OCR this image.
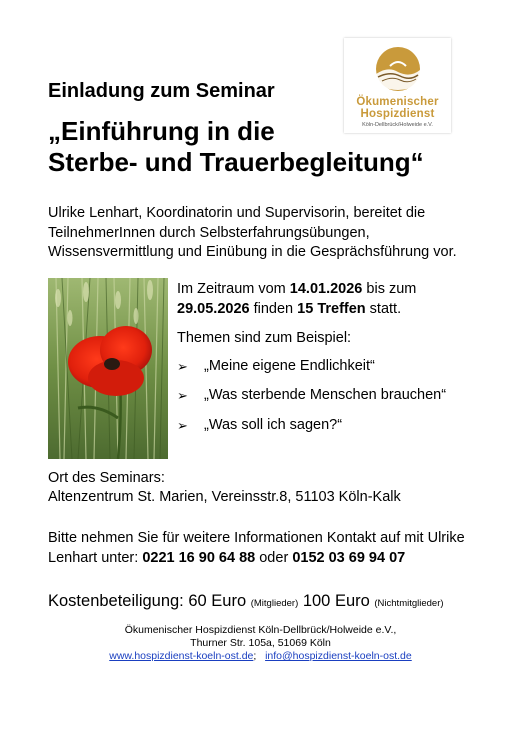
Ökumenischer
Hospizdienst
Köln-Dellbrück/Holweide e.V.
Einladung zum Seminar
„Einführung in die
Sterbe- und Trauerbegleitung“
Ulrike Lenhart, Koordinatorin und Supervisorin, bereitet die TeilnehmerInnen durch Selbsterfahrungsübungen, Wissensvermittlung und Einübung in die Gesprächsführung vor.
Im Zeitraum vom 14.01.2026 bis zum
29.05.2026 finden 15 Treffen statt.
Themen sind zum Beispiel:
➢	„Meine eigene Endlichkeit“
➢	„Was sterbende Menschen brauchen“
➢	„Was soll ich sagen?“
Ort des Seminars:
Altenzentrum St. Marien, Vereinsstr.8, 51103 Köln-Kalk
Bitte nehmen Sie für weitere Informationen Kontakt auf mit Ulrike Lenhart unter: 0221 16 90 64 88 oder 0152 03 69 94 07
Kostenbeteiligung: 60 Euro (Mitglieder) 100 Euro (Nichtmitglieder)
Ökumenischer Hospizdienst Köln-Dellbrück/Holweide e.V.,
Thurner Str. 105a, 51069 Köln
www.hospizdienst-koeln-ost.de; info@hospizdienst-koeln-ost.de
